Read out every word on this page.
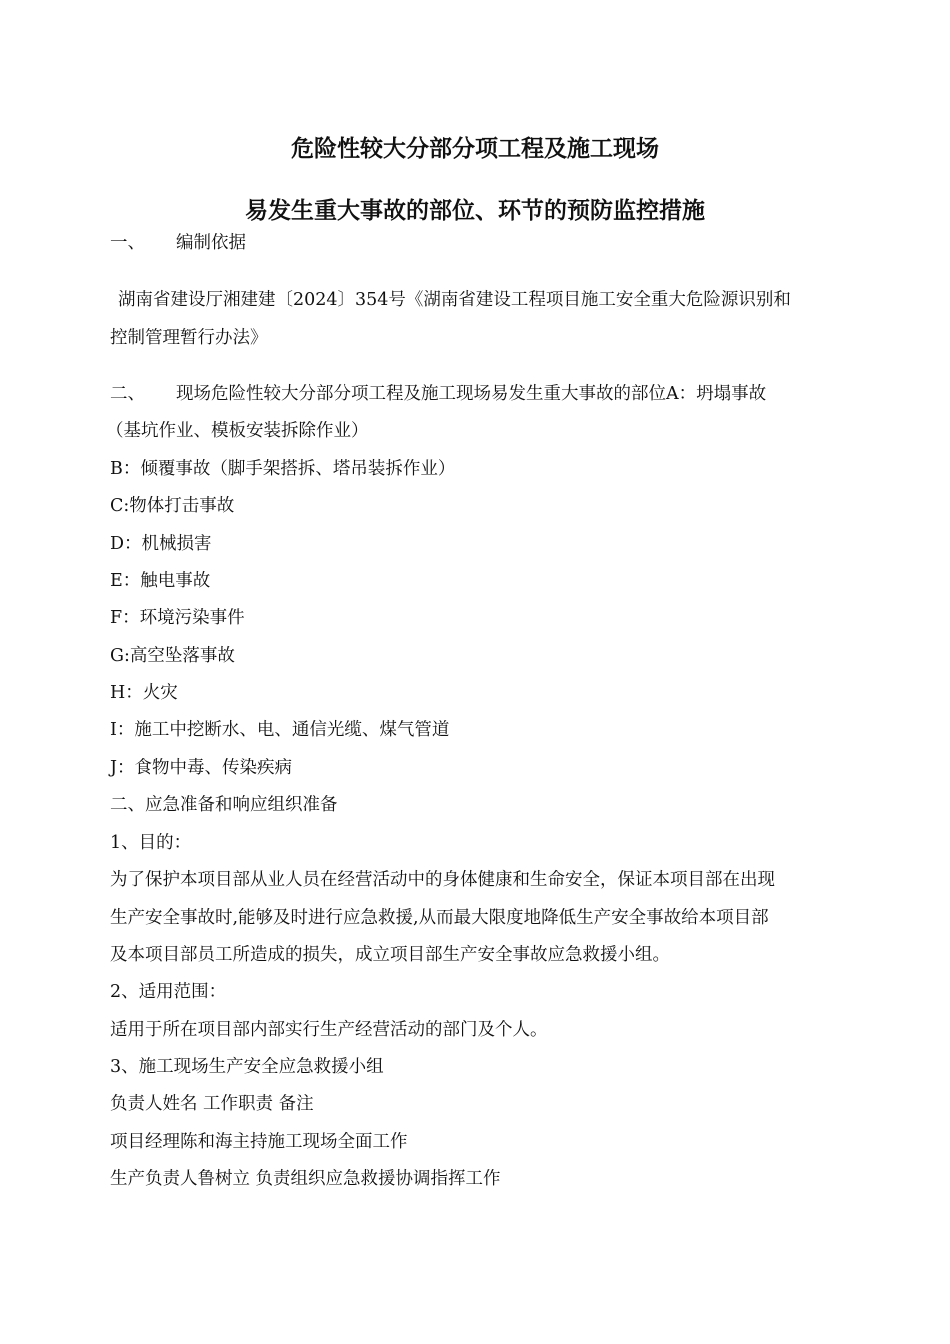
危险性较大分部分项工程及施工现场
易发生重大事故的部位、环节的预防监控措施
一、 编制依据
湖南省建设厅湘建建〔2024〕354号《湖南省建设工程项目施工安全重大危险源识别和
控制管理暂行办法》
二、 现场危险性较大分部分项工程及施工现场易发生重大事故的部位A：坍塌事故
（基坑作业、模板安装拆除作业）
B：倾覆事故（脚手架搭拆、塔吊装拆作业）
C:物体打击事故
D：机械损害
E：触电事故
F：环境污染事件
G:高空坠落事故
H：火灾
I：施工中挖断水、电、通信光缆、煤气管道
J：食物中毒、传染疾病
二、应急准备和响应组织准备
1、目的：
为了保护本项目部从业人员在经营活动中的身体健康和生命安全，保证本项目部在出现
生产安全事故时,能够及时进行应急救援,从而最大限度地降低生产安全事故给本项目部
及本项目部员工所造成的损失，成立项目部生产安全事故应急救援小组。
2、适用范围：
适用于所在项目部内部实行生产经营活动的部门及个人。
3、施工现场生产安全应急救援小组
负责人姓名 工作职责 备注
项目经理陈和海主持施工现场全面工作
生产负责人鲁树立 负责组织应急救援协调指挥工作
